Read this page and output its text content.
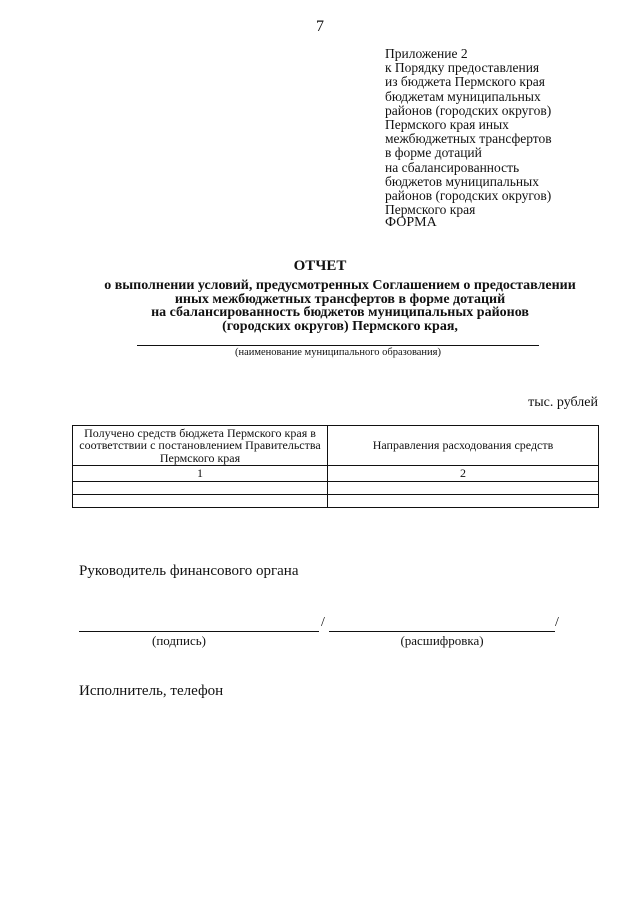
7
Приложение 2
к Порядку предоставления
из бюджета Пермского края
бюджетам муниципальных
районов (городских округов)
Пермского края иных
межбюджетных трансфертов
в форме дотаций
на сбалансированность
бюджетов муниципальных
районов (городских округов)
Пермского края
ФОРМА
ОТЧЕТ
о выполнении условий, предусмотренных Соглашением о предоставлении
иных межбюджетных трансфертов в форме дотаций
на сбалансированность бюджетов муниципальных районов
(городских округов) Пермского края,
(наименование муниципального образования)
тыс. рублей
Получено средств бюджета Пермского края в соответствии с постановлением Правительства Пермского края	Направления расходования средств
1	2

Руководитель финансового органа
/	/
(подпись)	(расшифровка)
Исполнитель, телефон
